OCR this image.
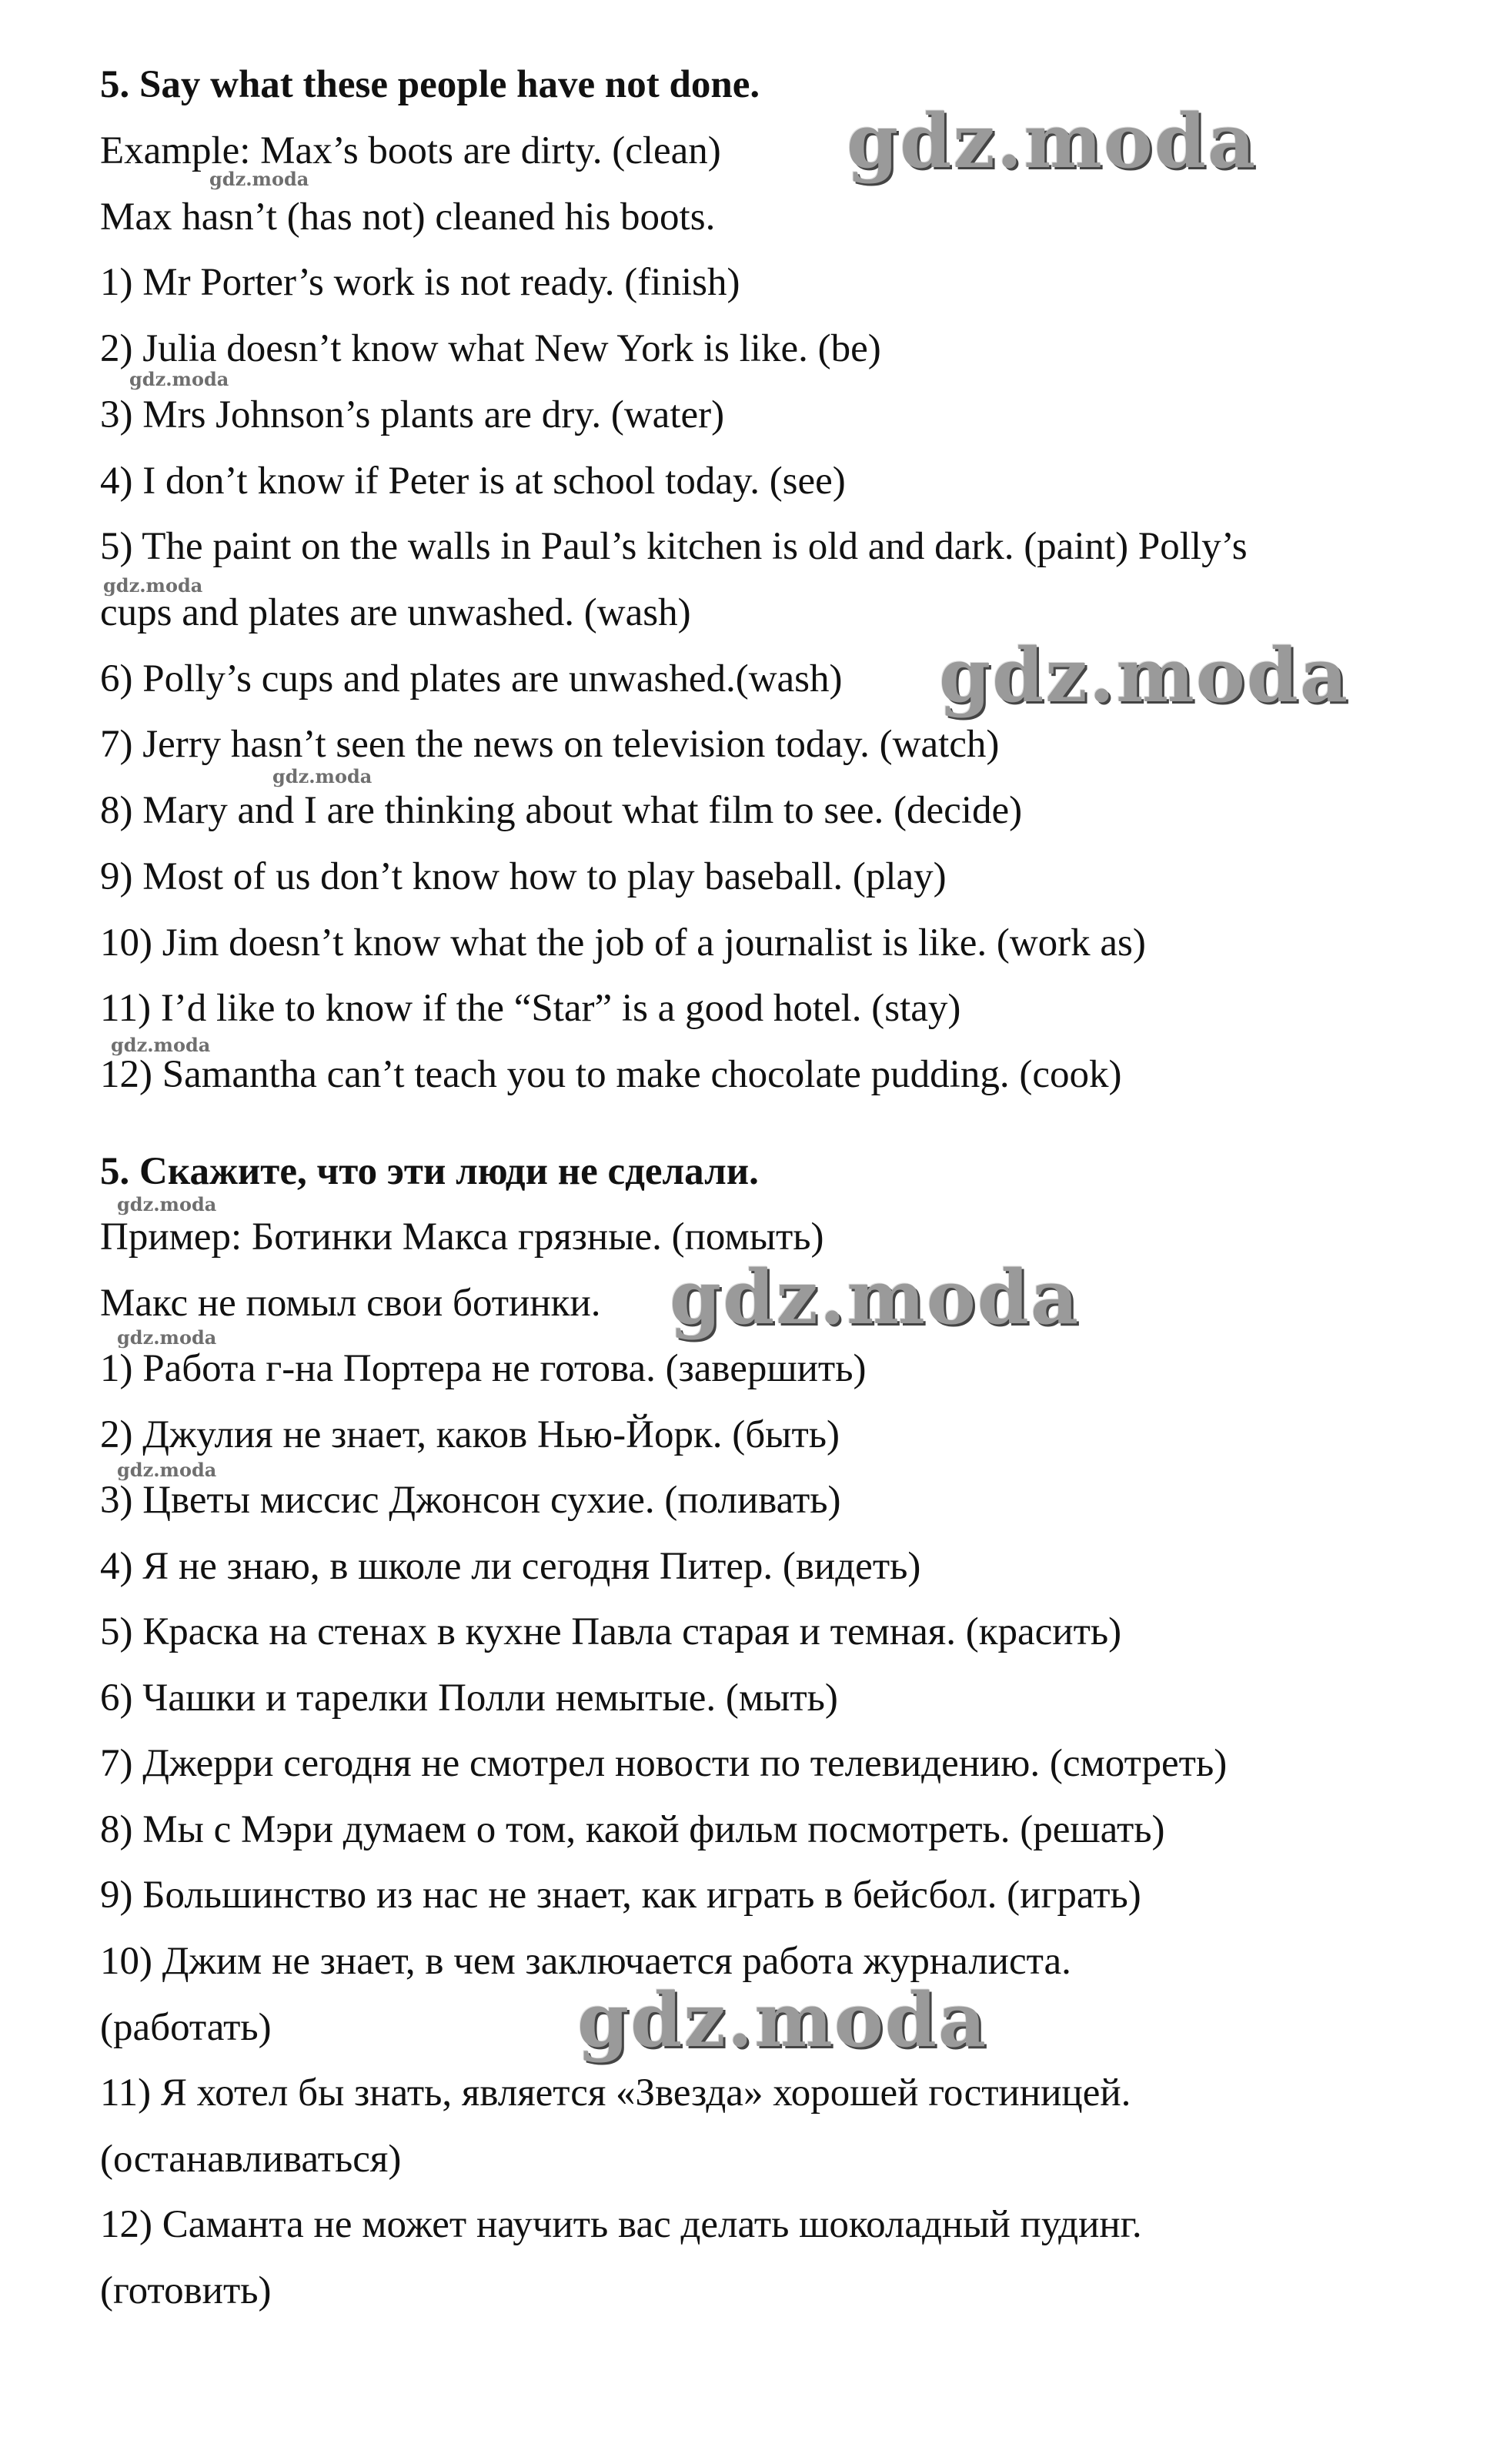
5. Say what these people have not done.
Example: Max’s boots are dirty. (clean)
Max hasn’t (has not) cleaned his boots.
1) Mr Porter’s work is not ready. (finish)
2) Julia doesn’t know what New York is like. (be)
3) Mrs Johnson’s plants are dry. (water)
4) I don’t know if Peter is at school today. (see)
5) The paint on the walls in Paul’s kitchen is old and dark. (paint) Polly’s
cups and plates are unwashed. (wash)
6) Polly’s cups and plates are unwashed.(wash)
7) Jerry hasn’t seen the news on television today. (watch)
8) Mary and I are thinking about what film to see. (decide)
9) Most of us don’t know how to play baseball. (play)
10) Jim doesn’t know what the job of a journalist is like. (work as)
11) I’d like to know if the “Star” is a good hotel. (stay)
12) Samantha can’t teach you to make chocolate pudding. (cook)
5. Скажите, что эти люди не сделали.
Пример: Ботинки Макса грязные. (помыть)
Макс не помыл свои ботинки.
1) Работа г-на Портера не готова. (завершить)
2) Джулия не знает, каков Нью-Йорк. (быть)
3) Цветы миссис Джонсон сухие. (поливать)
4) Я не знаю, в школе ли сегодня Питер. (видеть)
5) Краска на стенах в кухне Павла старая и темная. (красить)
6) Чашки и тарелки Полли немытые. (мыть)
7) Джерри сегодня не смотрел новости по телевидению. (смотреть)
8) Мы с Мэри думаем о том, какой фильм посмотреть. (решать)
9) Большинство из нас не знает, как играть в бейсбол. (играть)
10) Джим не знает, в чем заключается работа журналиста.
(работать)
11) Я хотел бы знать, является «Звезда» хорошей гостиницей.
(останавливаться)
12) Саманта не может научить вас делать шоколадный пудинг.
(готовить)
gdz.moda
gdz.moda
gdz.moda
gdz.moda
gdz.moda
gdz.moda
gdz.moda
gdz.moda
gdz.moda
gdz.moda
gdz.moda
gdz.moda
